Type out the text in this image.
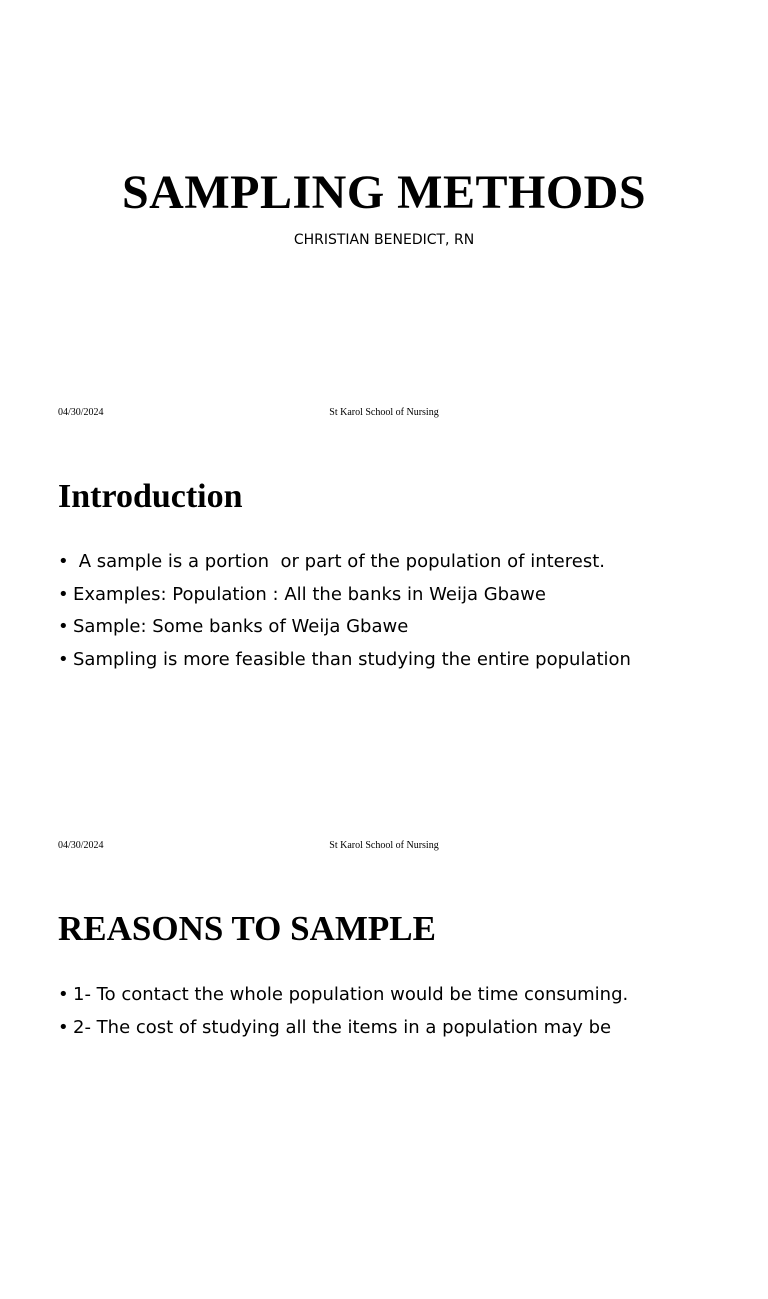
SAMPLING METHODS
CHRISTIAN BENEDICT, RN
04/30/2024	St Karol School of Nursing
Introduction
• A sample is a portion  or part of the population of interest.
• Examples: Population : All the banks in Weija Gbawe
• Sample: Some banks of Weija Gbawe
• Sampling is more feasible than studying the entire population
04/30/2024	St Karol School of Nursing
REASONS TO SAMPLE
• 1- To contact the whole population would be time consuming.
• 2- The cost of studying all the items in a population may be
